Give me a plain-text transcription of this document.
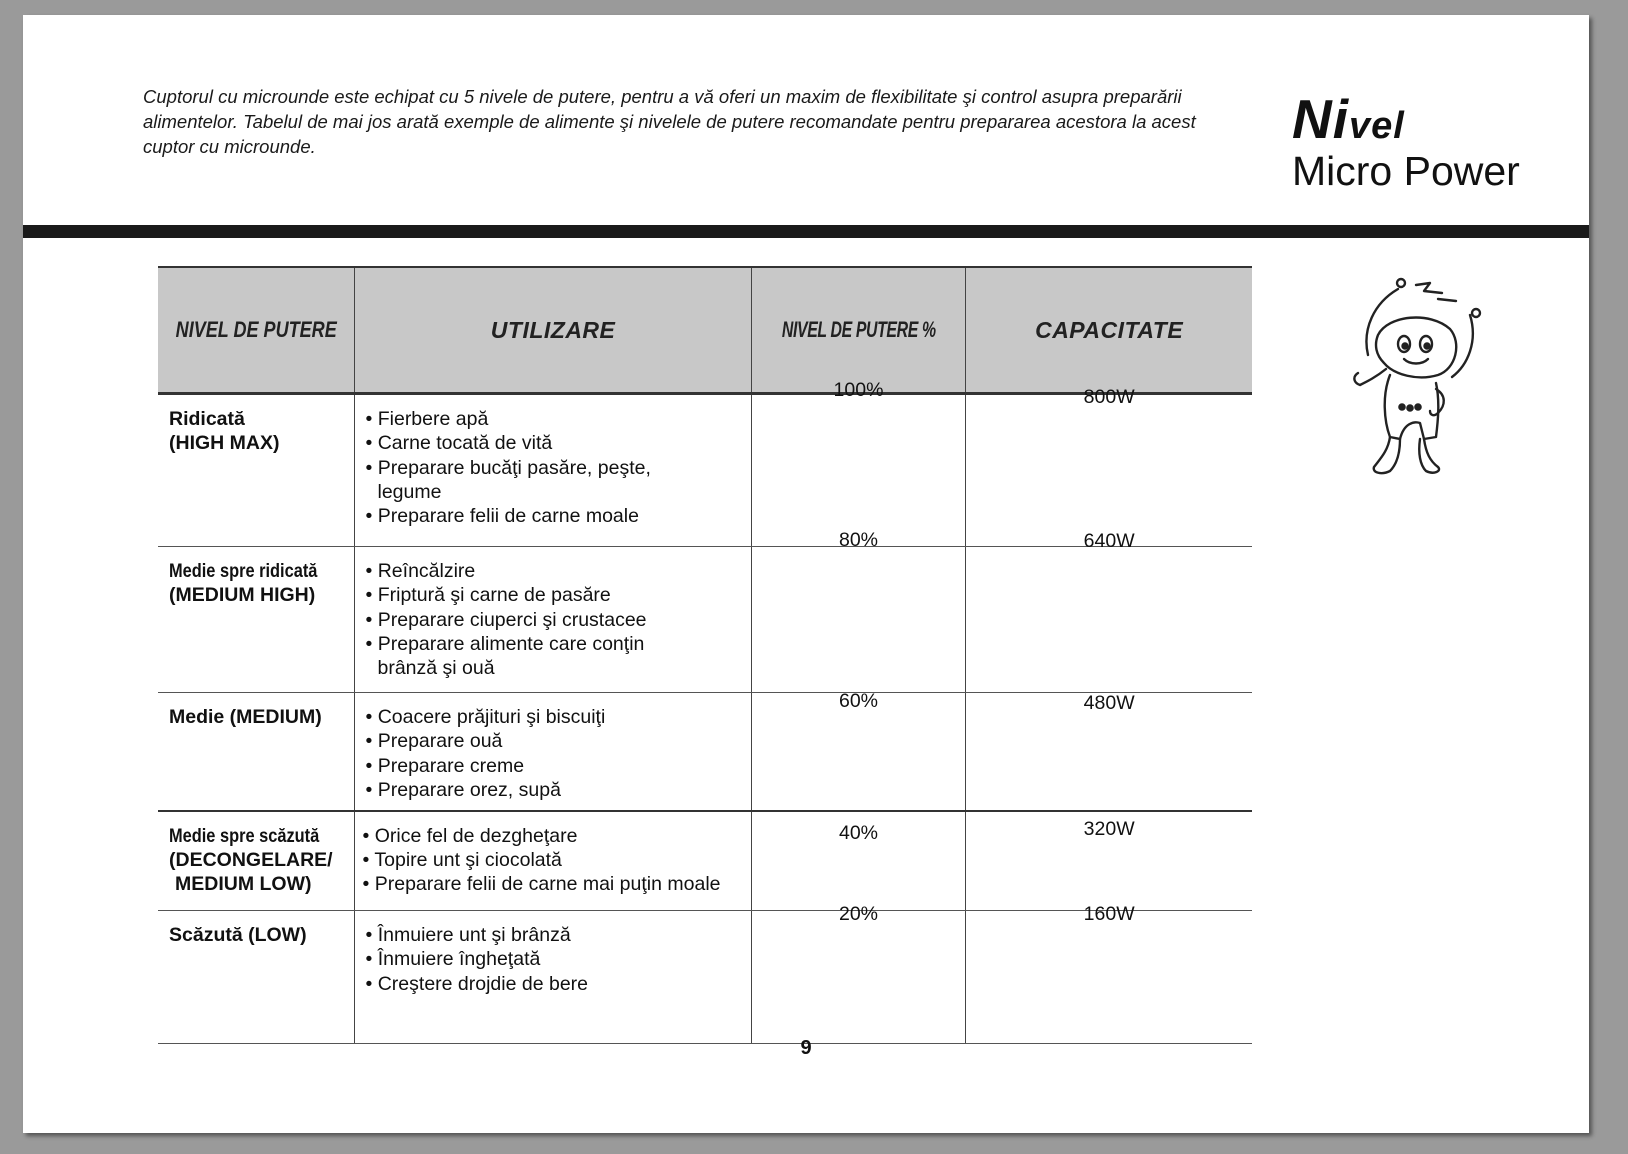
Cuptorul cu microunde este echipat cu 5 nivele de putere, pentru a vă oferi un maxim de flexibilitate şi control asupra preparării alimentelor. Tabelul de mai jos arată exemple de alimente şi nivelele de putere recomandate pentru prepararea acestora la acest cuptor cu microunde.	Nivel
Micro Power
NIVEL DE PUTERE	UTILIZARE	NIVEL DE PUTERE %	CAPACITATE

Ridicată
(HIGH MAX)	• Fierbere apă
• Carne tocată de vită
• Preparare bucăţi pasăre, peşte,
legume
• Preparare felii de carne moale	100%	800W

Medie spre ridicată
(MEDIUM HIGH)	• Reîncălzire
• Friptură şi carne de pasăre
• Preparare ciuperci şi crustacee
• Preparare alimente care conţin
brânză şi ouă	80%	640W

Medie (MEDIUM)	• Coacere prăjituri şi biscuiţi
• Preparare ouă
• Preparare creme
• Preparare orez, supă	60%	480W

Medie spre scăzută
(DECONGELARE/
MEDIUM LOW)	• Orice fel de dezgheţare
• Topire unt şi ciocolată
• Preparare felii de carne mai puţin moale	40%	320W

Scăzută (LOW)	• Înmuiere unt şi brânză
• Înmuiere îngheţată
• Creştere drojdie de bere	20%	160W
9
